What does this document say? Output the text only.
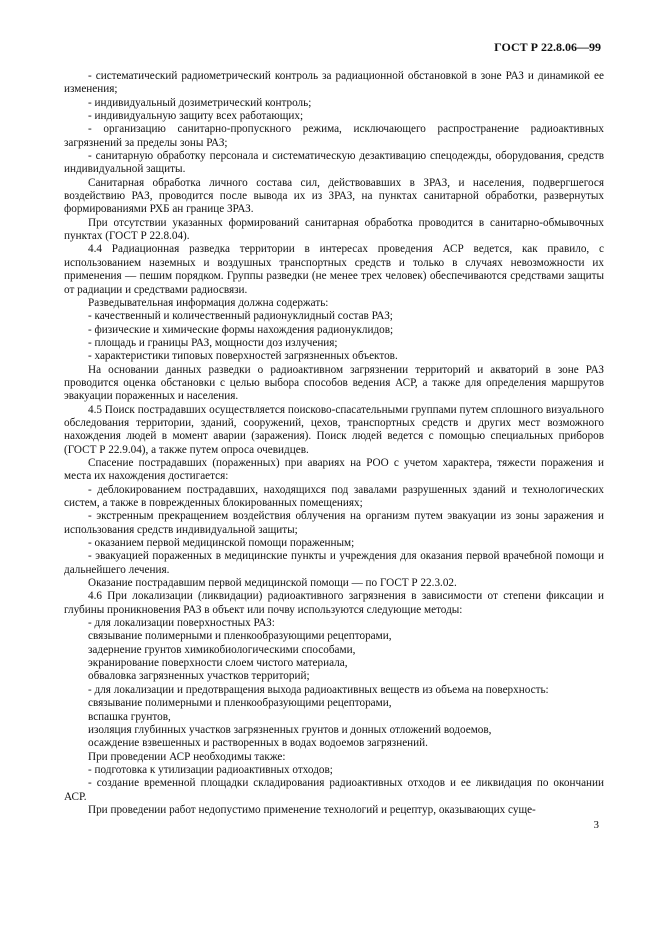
ГОСТ Р 22.8.06—99

- систематический радиометрический контроль за радиационной обстановкой в зоне РАЗ и динамикой ее изменения;

- индивидуальный дозиметрический контроль;

- индивидуальную защиту всех работающих;

- организацию санитарно-пропускного режима, исключающего распространение радиоактивных загрязнений за пределы зоны РАЗ;

- санитарную обработку персонала и систематическую дезактивацию спецодежды, оборудования, средств индивидуальной защиты.

Санитарная обработка личного состава сил, действовавших в ЗРАЗ, и населения, подвергшегося воздействию РАЗ, проводится после вывода их из ЗРАЗ, на пунктах санитарной обработки, развернутых формированиями РХБ ан границе ЗРАЗ.

При отсутствии указанных формирований санитарная обработка проводится в санитарно-обмывочных пунктах (ГОСТ Р 22.8.04).

4.4 Радиационная разведка территории в интересах проведения АСР ведется, как правило, с использованием наземных и воздушных транспортных средств и только в случаях невозможности их применения — пешим порядком. Группы разведки (не менее трех человек) обеспечиваются средствами защиты от радиации и средствами радиосвязи.

Разведывательная информация должна содержать:

- качественный и количественный радионуклидный состав РАЗ;

- физические и химические формы нахождения радионуклидов;

- площадь и границы РАЗ, мощности доз излучения;

- характеристики типовых поверхностей загрязненных объектов.

На основании данных разведки о радиоактивном загрязнении территорий и акваторий в зоне РАЗ проводится оценка обстановки с целью выбора способов ведения АСР, а также для определения маршрутов эвакуации пораженных и населения.

4.5 Поиск пострадавших осуществляется поисково-спасательными группами путем сплошного визуального обследования территории, зданий, сооружений, цехов, транспортных средств и других мест возможного нахождения людей в момент аварии (заражения). Поиск людей ведется с помощью специальных приборов (ГОСТ Р 22.9.04), а также путем опроса очевидцев.

Спасение пострадавших (пораженных) при авариях на РОО с учетом характера, тяжести поражения и места их нахождения достигается:

- деблокированием пострадавших, находящихся под завалами разрушенных зданий и технологических систем, а также в поврежденных блокированных помещениях;

- экстренным прекращением воздействия облучения на организм путем эвакуации из зоны заражения и использования средств индивидуальной защиты;

- оказанием первой медицинской помощи пораженным;

- эвакуацией пораженных в медицинские пункты и учреждения для оказания первой врачебной помощи и дальнейшего лечения.

Оказание пострадавшим первой медицинской помощи — по ГОСТ Р 22.3.02.

4.6 При локализации (ликвидации) радиоактивного загрязнения в зависимости от степени фиксации и глубины проникновения РАЗ в объект или почву используются следующие методы:

- для локализации поверхностных РАЗ:

связывание полимерными и пленкообразующими рецепторами,

задернение грунтов химикобиологическими способами,

экранирование поверхности слоем чистого материала,

обваловка загрязненных участков территорий;

- для локализации и предотвращения выхода радиоактивных веществ из объема на поверхность:

связывание полимерными и пленкообразующими рецепторами,

вспашка грунтов,

изоляция глубинных участков загрязненных грунтов и донных отложений водоемов,

осаждение взвешенных и растворенных в водах водоемов загрязнений.

При проведении АСР необходимы также:

- подготовка к утилизации радиоактивных отходов;

- создание временной площадки складирования радиоактивных отходов и ее ликвидация по окончании АСР.

При проведении работ недопустимо применение технологий и рецептур, оказывающих суще-

3
